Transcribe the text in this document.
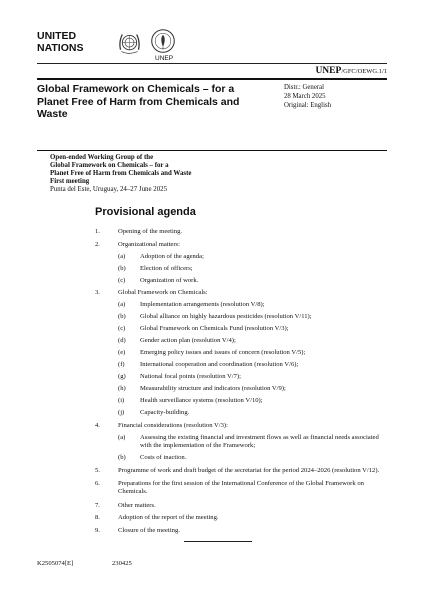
UNITED
NATIONS
UNEP
UNEP/GFC/OEWG.1/1
Global Framework on Chemicals – for a Planet Free of Harm from Chemicals and Waste
Distr.: General
28 March 2025
Original: English
Open-ended Working Group of the
Global Framework on Chemicals – for a
Planet Free of Harm from Chemicals and Waste
First meeting
Punta del Este, Uruguay, 24–27 June 2025
Provisional agenda
1.	Opening of the meeting.
2.	Organizational matters:
(a) Adoption of the agenda;
(b) Election of officers;
(c) Organization of work.
3.	Global Framework on Chemicals:
(a) Implementation arrangements (resolution V/8);
(b) Global alliance on highly hazardous pesticides (resolution V/11);
(c) Global Framework on Chemicals Fund (resolution V/3);
(d) Gender action plan (resolution V/4);
(e) Emerging policy issues and issues of concern (resolution V/5);
(f) International cooperation and coordination (resolution V/6);
(g) National focal points (resolution V/7);
(h) Measurability structure and indicators (resolution V/9);
(i) Health surveillance systems (resolution V/10);
(j) Capacity-building.
4.	Financial considerations (resolution V/3):
(a) Assessing the existing financial and investment flows as well as financial needs associated with the implementation of the Framework;
(b) Costs of inaction.
5.	Programme of work and draft budget of the secretariat for the period 2024–2026 (resolution V/12).
6.	Preparations for the first session of the International Conference of the Global Framework on Chemicals.
7.	Other matters.
8.	Adoption of the report of the meeting.
9.	Closure of the meeting.
K2505074[E]	230425
